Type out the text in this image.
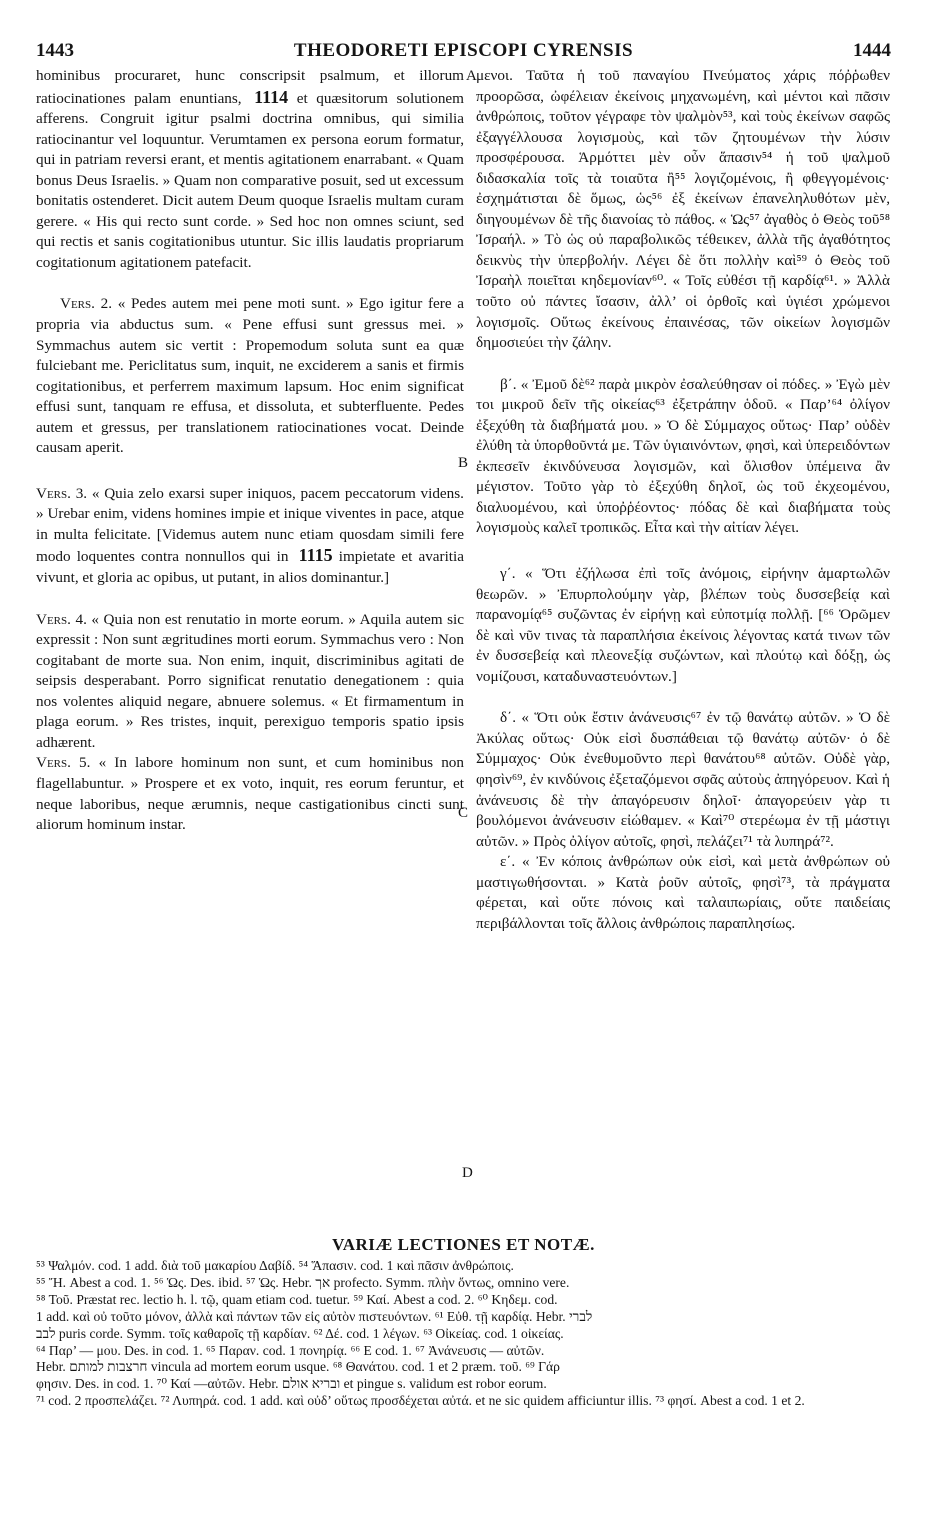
1443	THEODORETI EPISCOPI CYRENSIS	1444
A
B
C
D

hominibus procuraret, hunc conscripsit psalmum, et illorum ratiocinationes palam enuntians, 1114 et quæsitorum solutionem afferens. Congruit igitur psalmi doctrina omnibus, qui similia ratiocinantur vel loquuntur. Verumtamen ex persona eorum formatur, qui in patriam reversi erant, et mentis agitationem enarrabant. « Quam bonus Deus Israelis. » Quam non comparative posuit, sed ut excessum bonitatis ostenderet. Dicit autem Deum quoque Israelis multam curam gerere. « His qui recto sunt corde. » Sed hoc non omnes sciunt, sed qui rectis et sanis cogitationibus utuntur. Sic illis laudatis propriarum cogitationum agitationem patefacit.

Vers. 2. « Pedes autem mei pene moti sunt. » Ego igitur fere a propria via abductus sum. « Pene effusi sunt gressus mei. » Symmachus autem sic vertit : Propemodum soluta sunt ea quæ fulciebant me. Periclitatus sum, inquit, ne exciderem a sanis et firmis cogitationibus, et perferrem maximum lapsum. Hoc enim significat effusi sunt, tanquam re effusa, et dissoluta, et subterfluente. Pedes autem et gressus, per translationem ratiocinationes vocat. Deinde causam aperit.

Vers. 3. « Quia zelo exarsi super iniquos, pacem peccatorum videns. » Urebar enim, videns homines impie et inique viventes in pace, atque in multa felicitate. [Videmus autem nunc etiam quosdam simili fere modo loquentes contra nonnullos qui in 1115 impietate et avaritia vivunt, et gloria ac opibus, ut putant, in alios dominantur.]

Vers. 4. « Quia non est renutatio in morte eorum. » Aquila autem sic expressit : Non sunt ægritudines morti eorum. Symmachus vero : Non cogitabant de morte sua. Non enim, inquit, discriminibus agitati de seipsis desperabant. Porro significat renutatio denegationem : quia nos volentes aliquid negare, abnuere solemus. « Et firmamentum in plaga eorum. » Res tristes, inquit, perexiguo temporis spatio ipsis adhærent.

Vers. 5. « In labore hominum non sunt, et cum hominibus non flagellabuntur. » Prospere et ex voto, inquit, res eorum feruntur, et neque laboribus, neque ærumnis, neque castigationibus cincti sunt aliorum hominum instar.

μενοι. Ταῦτα ἡ τοῦ παναγίου Πνεύματος χάρις πόῤῥωθεν προορῶσα, ὠφέλειαν ἐκείνοις μηχανωμένη, καὶ μέντοι καὶ πᾶσιν ἀνθρώποις, τοῦτον γέγραφε τὸν ψαλμὸν⁵³, καὶ τοὺς ἐκείνων σαφῶς ἐξαγγέλλουσα λογισμοὺς, καὶ τῶν ζητουμένων τὴν λύσιν προσφέρουσα. Ἁρμόττει μὲν οὖν ἅπασιν⁵⁴ ἡ τοῦ ψαλμοῦ διδασκαλία τοῖς τὰ τοιαῦτα ἢ⁵⁵ λογιζομένοις, ἢ φθεγγομένοις· ἐσχημάτισται δὲ ὅμως, ὡς⁵⁶ ἐξ ἐκείνων ἐπανεληλυθότων μὲν, διηγουμένων δὲ τῆς διανοίας τὸ πάθος. « Ὡς⁵⁷ ἀγαθὸς ὁ Θεὸς τοῦ⁵⁸ Ἰσραήλ. » Τὸ ὡς οὐ παραβολικῶς τέθεικεν, ἀλλὰ τῆς ἀγαθότητος δεικνὺς τὴν ὑπερβολήν. Λέγει δὲ ὅτι πολλὴν καὶ⁵⁹ ὁ Θεὸς τοῦ Ἰσραὴλ ποιεῖται κηδεμονίαν⁶⁰. « Τοῖς εὐθέσι τῇ καρδίᾳ⁶¹. » Ἀλλὰ τοῦτο οὐ πάντες ἴσασιν, ἀλλ’ οἱ ὀρθοῖς καὶ ὑγιέσι χρώμενοι λογισμοῖς. Οὕτως ἐκείνους ἐπαινέσας, τῶν οἰκείων λογισμῶν δημοσιεύει τὴν ζάλην.

β΄. « Ἐμοῦ δὲ⁶² παρὰ μικρὸν ἐσαλεύθησαν οἱ πόδες. » Ἐγὼ μὲν τοι μικροῦ δεῖν τῆς οἰκείας⁶³ ἐξετράπην ὁδοῦ. « Παρ’⁶⁴ ὀλίγον ἐξεχύθη τὰ διαβήματά μου. » Ὁ δὲ Σύμμαχος οὕτως· Παρ’ οὐδὲν ἐλύθη τὰ ὑπορθοῦντά με. Τῶν ὑγιαινόντων, φησὶ, καὶ ὑπερειδόντων ἐκπεσεῖν ἐκινδύνευσα λογισμῶν, καὶ ὄλισθον ὑπέμεινα ἂν μέγιστον. Τοῦτο γὰρ τὸ ἐξεχύθη δηλοῖ, ὡς τοῦ ἐκχεομένου, διαλυομένου, καὶ ὑποῤῥέοντος· πόδας δὲ καὶ διαβήματα τοὺς λογισμοὺς καλεῖ τροπικῶς. Εἶτα καὶ τὴν αἰτίαν λέγει.

γ΄. « Ὅτι ἐζήλωσα ἐπὶ τοῖς ἀνόμοις, εἰρήνην ἁμαρτωλῶν θεωρῶν. » Ἐπυρπολούμην γὰρ, βλέπων τοὺς δυσσεβείᾳ καὶ παρανομίᾳ⁶⁵ συζῶντας ἐν εἰρήνῃ καὶ εὐποτμίᾳ πολλῇ. [⁶⁶ Ὁρῶμεν δὲ καὶ νῦν τινας τὰ παραπλήσια ἐκείνοις λέγοντας κατά τινων τῶν ἐν δυσσεβείᾳ καὶ πλεονεξίᾳ συζώντων, καὶ πλούτῳ καὶ δόξῃ, ὡς νομίζουσι, καταδυναστευόντων.]

δ΄. « Ὅτι οὐκ ἔστιν ἀνάνευσις⁶⁷ ἐν τῷ θανάτῳ αὐτῶν. » Ὁ δὲ Ἀκύλας οὕτως· Οὐκ εἰσὶ δυσπάθειαι τῷ θανάτῳ αὐτῶν· ὁ δὲ Σύμμαχος· Οὐκ ἐνεθυμοῦντο περὶ θανάτου⁶⁸ αὐτῶν. Οὐδὲ γὰρ, φησὶν⁶⁹, ἐν κινδύνοις ἐξεταζόμενοι σφᾶς αὐτοὺς ἀπηγόρευον. Καὶ ἡ ἀνάνευσις δὲ τὴν ἀπαγόρευσιν δηλοῖ· ἀπαγορεύειν γὰρ τι βουλόμενοι ἀνάνευσιν εἰώθαμεν. « Καὶ⁷⁰ στερέωμα ἐν τῇ μάστιγι αὐτῶν. » Πρὸς ὀλίγον αὐτοῖς, φησὶ, πελάζει⁷¹ τὰ λυπηρά⁷².

ε΄. « Ἐν κόποις ἀνθρώπων οὐκ εἰσὶ, καὶ μετὰ ἀνθρώπων οὐ μαστιγωθήσονται. » Κατὰ ῥοῦν αὐτοῖς, φησὶ⁷³, τὰ πράγματα φέρεται, καὶ οὔτε πόνοις καὶ ταλαιπωρίαις, οὔτε παιδείαις περιβάλλονται τοῖς ἄλλοις ἀνθρώποις παραπλησίως.

VARIÆ LECTIONES ET NOTÆ.

⁵³ Ψαλμόν. cod. 1 add. διὰ τοῦ μακαρίου Δαβίδ. ⁵⁴ Ἅπασιν. cod. 1 καὶ πᾶσιν ἀνθρώποις.

⁵⁵ Ἤ. Abest a cod. 1. ⁵⁶ Ὡς. Des. ibid. ⁵⁷ Ὡς. Hebr. אך profecto. Symm. πλὴν ὄντως, omnino vere.

⁵⁸ Τοῦ. Præstat rec. lectio h. l. τῷ, quam etiam cod. tuetur. ⁵⁹ Καί. Abest a cod. 2. ⁶⁰ Κηδεμ. cod.

1 add. καὶ οὐ τοῦτο μόνον, ἀλλὰ καὶ πάντων τῶν εἰς αὐτὸν πιστευόντων. ⁶¹ Εὐθ. τῇ καρδίᾳ. Hebr. לברי

לבב puris corde. Symm. τοῖς καθαροῖς τῇ καρδίαν. ⁶² Δέ. cod. 1 λέγων. ⁶³ Οἰκείας. cod. 1 οἰκείας.

⁶⁴ Παρ’ — μου. Des. in cod. 1. ⁶⁵ Παραν. cod. 1 πονηρίᾳ. ⁶⁶ E cod. 1. ⁶⁷ Ἀνάνευσις — αὐτῶν.

Hebr. חרצבות למותם vincula ad mortem eorum usque. ⁶⁸ Θανάτου. cod. 1 et 2 præm. τοῦ. ⁶⁹ Γάρ

φησιν. Des. in cod. 1. ⁷⁰ Καί —αὐτῶν. Hebr. ובריא אולם et pingue s. validum est robor eorum.

⁷¹ cod. 2 προσπελάζει. ⁷² Λυπηρά. cod. 1 add. καὶ οὐδ’ οὕτως προσδέχεται αὐτά. et ne sic quidem afficiuntur illis. ⁷³ φησί. Abest a cod. 1 et 2.
